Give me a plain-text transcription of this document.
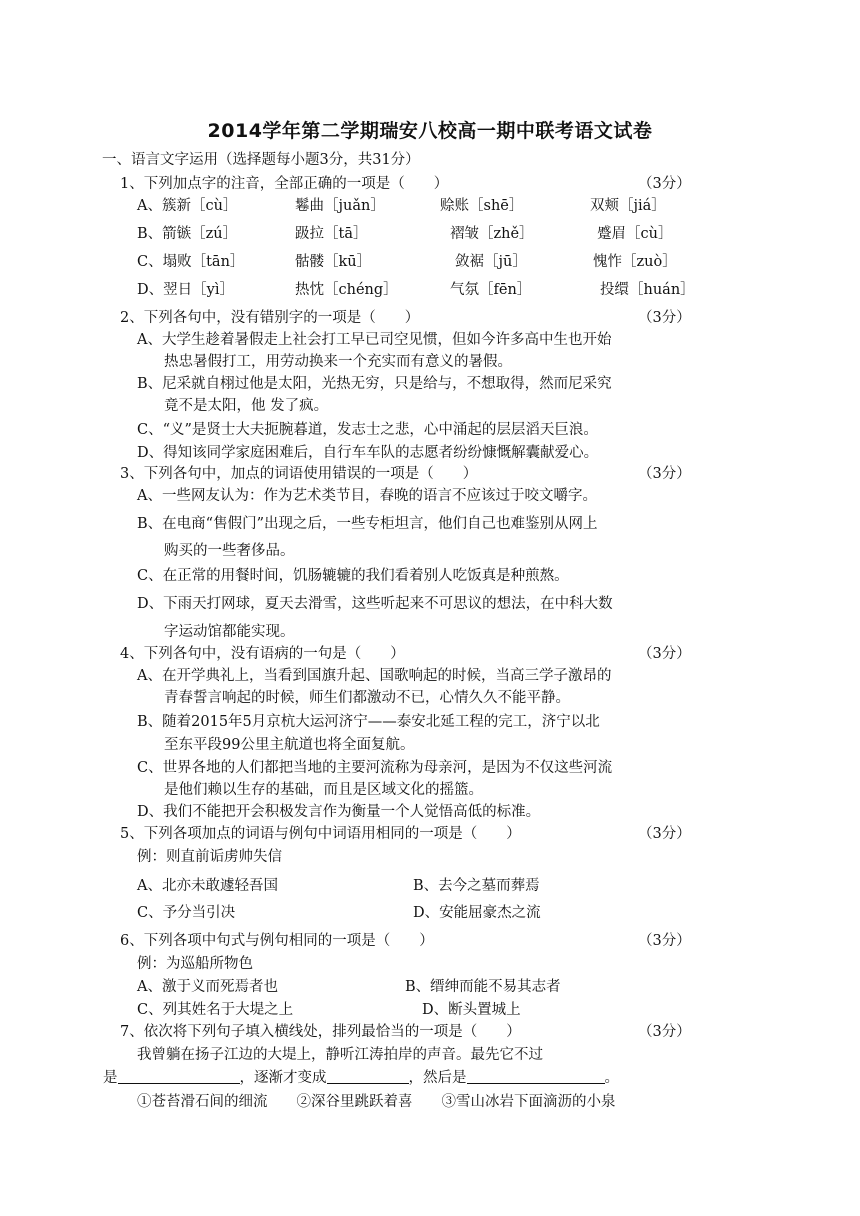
2014学年第二学期瑞安八校高一期中联考语文试卷
一、语言文字运用（选择题每小题3分，共31分）
1、下列加点字的注音，全部正确的一项是（　　）	（3分）
A、簇新［cù］	鬈曲［juǎn］	赊账［shē］	双颊［jiá］
B、箭镞［zú］	趿拉［tā］	褶皱［zhě］	蹙眉［cù］
C、塌败［tān］	骷髅［kū］	敛裾［jū］	愧怍［zuò］
D、翌日［yì］	热忱［chéng］	气氛［fēn］	投缳［huán］
2、下列各句中，没有错别字的一项是（　　）	（3分）
A、大学生趁着暑假走上社会打工早已司空见惯，但如今许多高中生也开始
热忠暑假打工，用劳动换来一个充实而有意义的暑假。
B、尼采就自栩过他是太阳，光热无穷，只是给与，不想取得，然而尼采究
竟不是太阳，他 发了疯。
C、“义”是贤士大夫扼腕暮道，发志士之悲，心中涌起的层层滔天巨浪。
D、得知该同学家庭困难后，自行车车队的志愿者纷纷慷慨解囊献爱心。
3、下列各句中，加点的词语使用错误的一项是（　　）	（3分）
A、一些网友认为：作为艺术类节目，春晚的语言不应该过于咬文嚼字。
B、在电商“售假门”出现之后，一些专柜坦言，他们自己也难鉴别从网上
购买的一些奢侈品。
C、在正常的用餐时间，饥肠辘辘的我们看着别人吃饭真是种煎熬。
D、下雨天打网球，夏天去滑雪，这些听起来不可思议的想法，在中科大数
字运动馆都能实现。
4、下列各句中，没有语病的一句是（　　）	（3分）
A、在开学典礼上，当看到国旗升起、国歌响起的时候，当高三学子激昂的
青春誓言响起的时候，师生们都激动不已，心情久久不能平静。
B、随着2015年5月京杭大运河济宁——泰安北延工程的完工，济宁以北
至东平段99公里主航道也将全面复航。
C、世界各地的人们都把当地的主要河流称为母亲河，是因为不仅这些河流
是他们赖以生存的基础，而且是区域文化的摇篮。
D、我们不能把开会积极发言作为衡量一个人觉悟高低的标准。
5、下列各项加点的词语与例句中词语用相同的一项是（　　）	（3分）
例：则直前诟虏帅失信
A、北亦未敢遽轻吾国	B、去今之墓而葬焉
C、予分当引决	D、安能屈豪杰之流
6、下列各项中句式与例句相同的一项是（　　）	（3分）
例：为巡船所物色
A、激于义而死焉者也	B、缙绅而能不易其志者
C、列其姓名于大堤之上	D、断头置城上
7、依次将下列句子填入横线处，排列最恰当的一项是（　　）	（3分）
我曾躺在扬子江边的大堤上，静听江涛拍岸的声音。最先它不过
是	，逐渐才变成	，然后是	。
①苍苔滑石间的细流　　②深谷里跳跃着喜　　③雪山冰岩下面滴沥的小泉
